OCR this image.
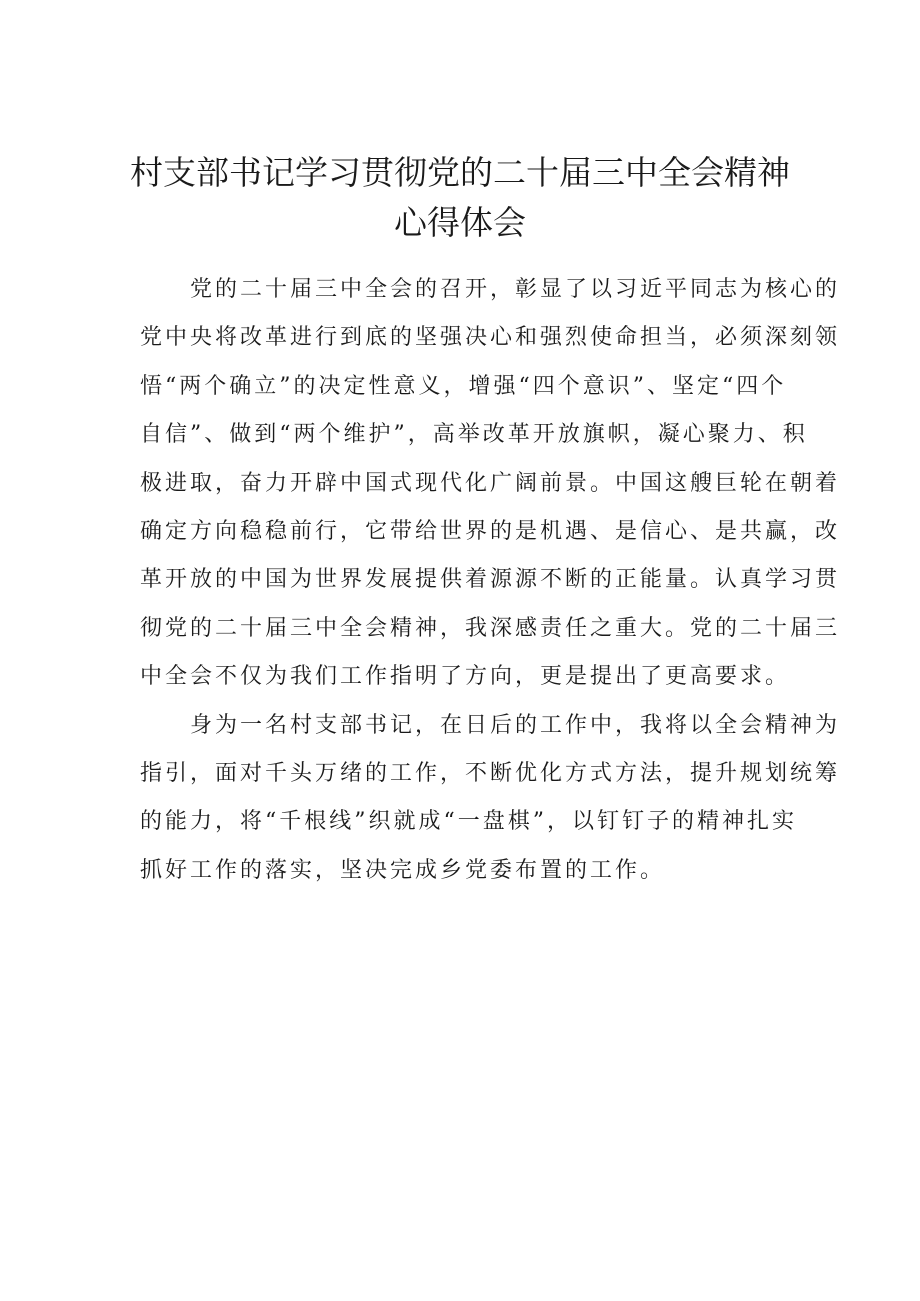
村支部书记学习贯彻党的二十届三中全会精神
心得体会

党的二十届三中全会的召开，彰显了以习近平同志为核心的
党中央将改革进行到底的坚强决心和强烈使命担当，必须深刻领
悟“两个确立”的决定性意义，增强“四个意识”、坚定“四个
自信”、做到“两个维护”，高举改革开放旗帜，凝心聚力、积
极进取，奋力开辟中国式现代化广阔前景。中国这艘巨轮在朝着
确定方向稳稳前行，它带给世界的是机遇、是信心、是共赢，改
革开放的中国为世界发展提供着源源不断的正能量。认真学习贯
彻党的二十届三中全会精神，我深感责任之重大。党的二十届三
中全会不仅为我们工作指明了方向，更是提出了更高要求。

身为一名村支部书记，在日后的工作中，我将以全会精神为
指引，面对千头万绪的工作，不断优化方式方法，提升规划统筹
的能力，将“千根线”织就成“一盘棋”，以钉钉子的精神扎实
抓好工作的落实，坚决完成乡党委布置的工作。
